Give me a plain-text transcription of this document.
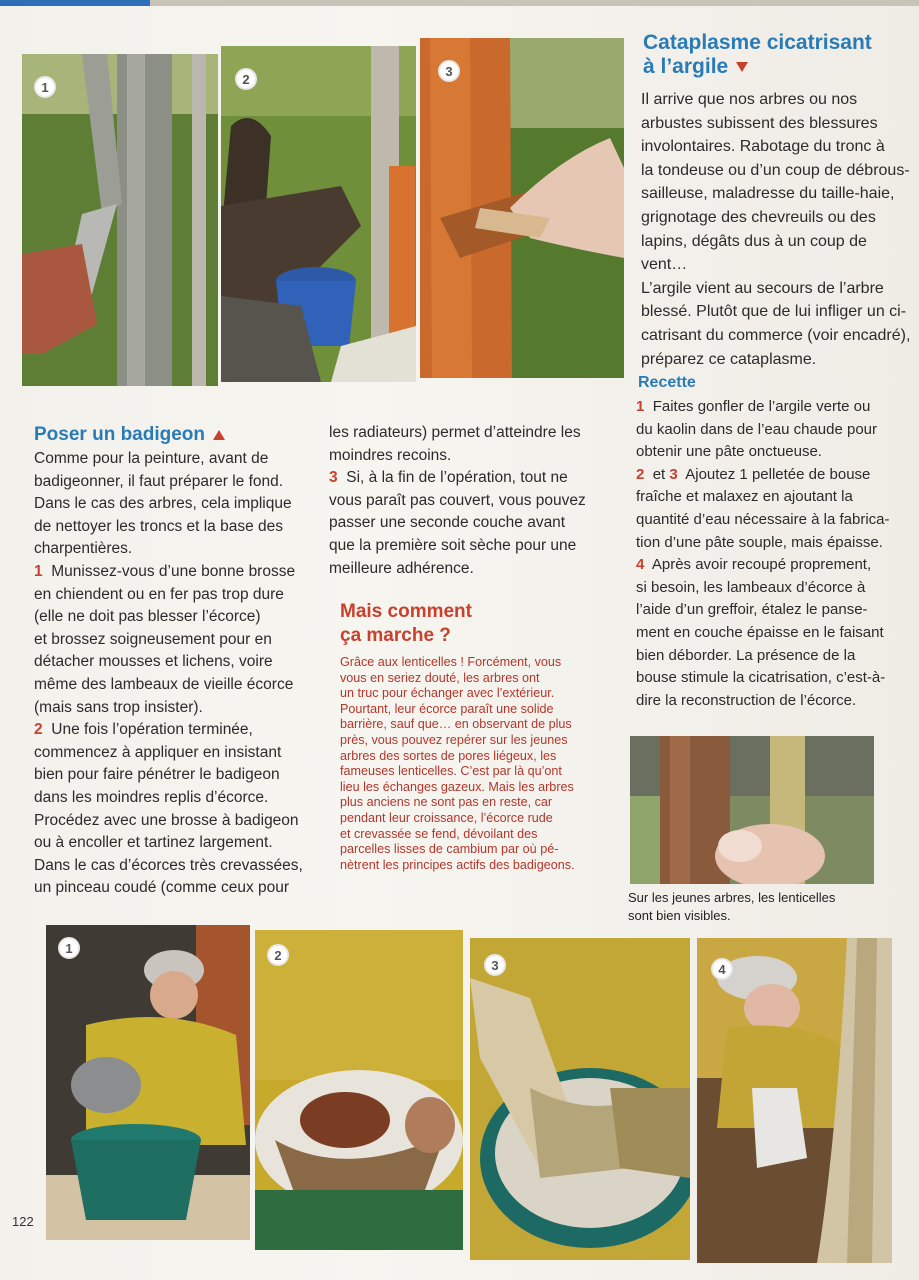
1
2
3
Cataplasme cicatrisant
à l’argile
Il arrive que nos arbres ou nos
arbustes subissent des blessures
involontaires. Rabotage du tronc à
la tondeuse ou d’un coup de débrous-
sailleuse, maladresse du taille-haie,
grignotage des chevreuils ou des
lapins, dégâts dus à un coup de vent…
L’argile vient au secours de l’arbre
blessé. Plutôt que de lui infliger un ci-
catrisant du commerce (voir encadré),
préparez ce cataplasme.
Recette
1 Faites gonfler de l’argile verte ou
du kaolin dans de l’eau chaude pour
obtenir une pâte onctueuse.
2 et 3 Ajoutez 1 pelletée de bouse
fraîche et malaxez en ajoutant la
quantité d’eau nécessaire à la fabrica-
tion d’une pâte souple, mais épaisse.
4 Après avoir recoupé proprement,
si besoin, les lambeaux d’écorce à
l’aide d’un greffoir, étalez le panse-
ment en couche épaisse en le faisant
bien déborder. La présence de la
bouse stimule la cicatrisation, c’est-à-
dire la reconstruction de l’écorce.
Sur les jeunes arbres, les lenticelles
sont bien visibles.
Poser un badigeon
Comme pour la peinture, avant de
badigeonner, il faut préparer le fond.
Dans le cas des arbres, cela implique
de nettoyer les troncs et la base des
charpentières.
1 Munissez-vous d’une bonne brosse
en chiendent ou en fer pas trop dure
(elle ne doit pas blesser l’écorce)
et brossez soigneusement pour en
détacher mousses et lichens, voire
même des lambeaux de vieille écorce
(mais sans trop insister).
2 Une fois l’opération terminée,
commencez à appliquer en insistant
bien pour faire pénétrer le badigeon
dans les moindres replis d’écorce.
Procédez avec une brosse à badigeon
ou à encoller et tartinez largement.
Dans le cas d’écorces très crevassées,
un pinceau coudé (comme ceux pour
les radiateurs) permet d’atteindre les
moindres recoins.
3 Si, à la fin de l’opération, tout ne
vous paraît pas couvert, vous pouvez
passer une seconde couche avant
que la première soit sèche pour une
meilleure adhérence.
Mais comment
ça marche ?
Grâce aux lenticelles ! Forcément, vous
vous en seriez douté, les arbres ont
un truc pour échanger avec l’extérieur.
Pourtant, leur écorce paraît une solide
barrière, sauf que… en observant de plus
près, vous pouvez repérer sur les jeunes
arbres des sortes de pores liégeux, les
fameuses lenticelles. C’est par là qu’ont
lieu les échanges gazeux. Mais les arbres
plus anciens ne sont pas en reste, car
pendant leur croissance, l’écorce rude
et crevassée se fend, dévoilant des
parcelles lisses de cambium par où pé-
nètrent les principes actifs des badigeons.
1	2
3	4
122
